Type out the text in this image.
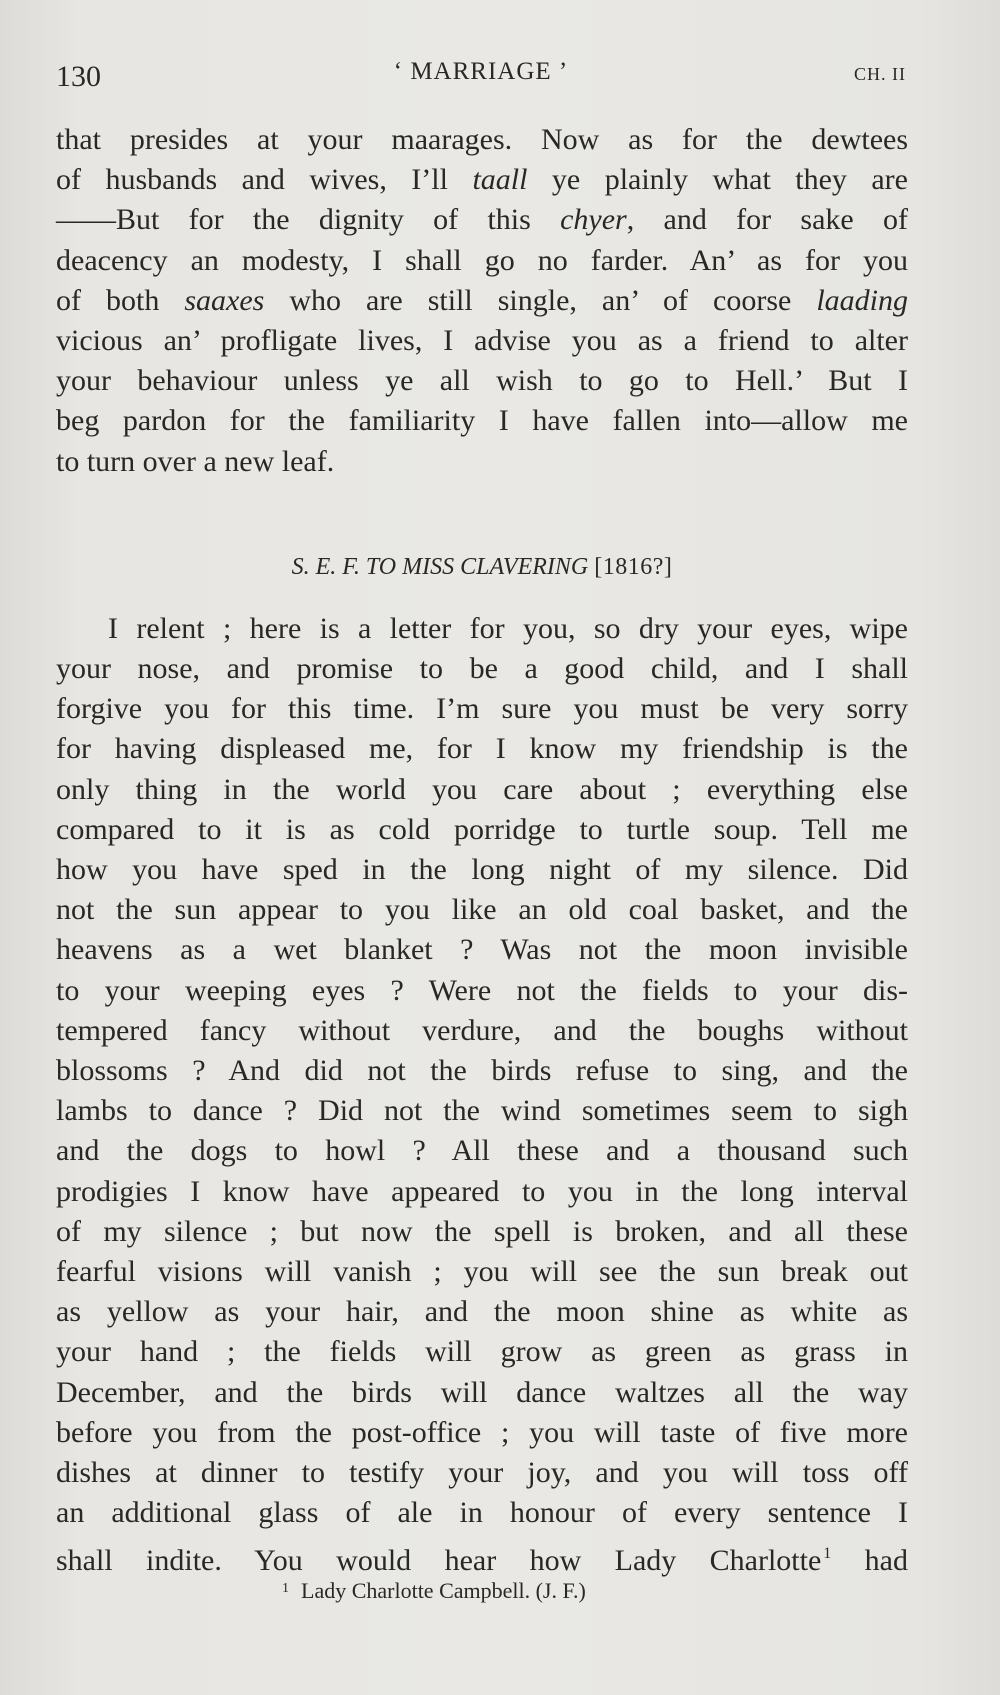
130	‘ MARRIAGE ’	CH. II
that presides at your maarages. Now as for the dewtees
of husbands and wives, I’ll taall ye plainly what they are
——But for the dignity of this chyer, and for sake of
deacency an modesty, I shall go no farder. An’ as for you
of both saaxes who are still single, an’ of coorse laading
vicious an’ profligate lives, I advise you as a friend to alter
your behaviour unless ye all wish to go to Hell.’ But I
beg pardon for the familiarity I have fallen into—allow me
to turn over a new leaf.
S. E. F. TO MISS CLAVERING [1816?]
I relent ; here is a letter for you, so dry your eyes, wipe
your nose, and promise to be a good child, and I shall
forgive you for this time. I’m sure you must be very sorry
for having displeased me, for I know my friendship is the
only thing in the world you care about ; everything else
compared to it is as cold porridge to turtle soup. Tell me
how you have sped in the long night of my silence. Did
not the sun appear to you like an old coal basket, and the
heavens as a wet blanket ? Was not the moon invisible
to your weeping eyes ? Were not the fields to your dis-
tempered fancy without verdure, and the boughs without
blossoms ? And did not the birds refuse to sing, and the
lambs to dance ? Did not the wind sometimes seem to sigh
and the dogs to howl ? All these and a thousand such
prodigies I know have appeared to you in the long interval
of my silence ; but now the spell is broken, and all these
fearful visions will vanish ; you will see the sun break out
as yellow as your hair, and the moon shine as white as
your hand ; the fields will grow as green as grass in
December, and the birds will dance waltzes all the way
before you from the post-office ; you will taste of five more
dishes at dinner to testify your joy, and you will toss off
an additional glass of ale in honour of every sentence I
shall indite. You would hear how Lady Charlotte $^1$ had
$^1$ Lady Charlotte Campbell. (J. F.)
